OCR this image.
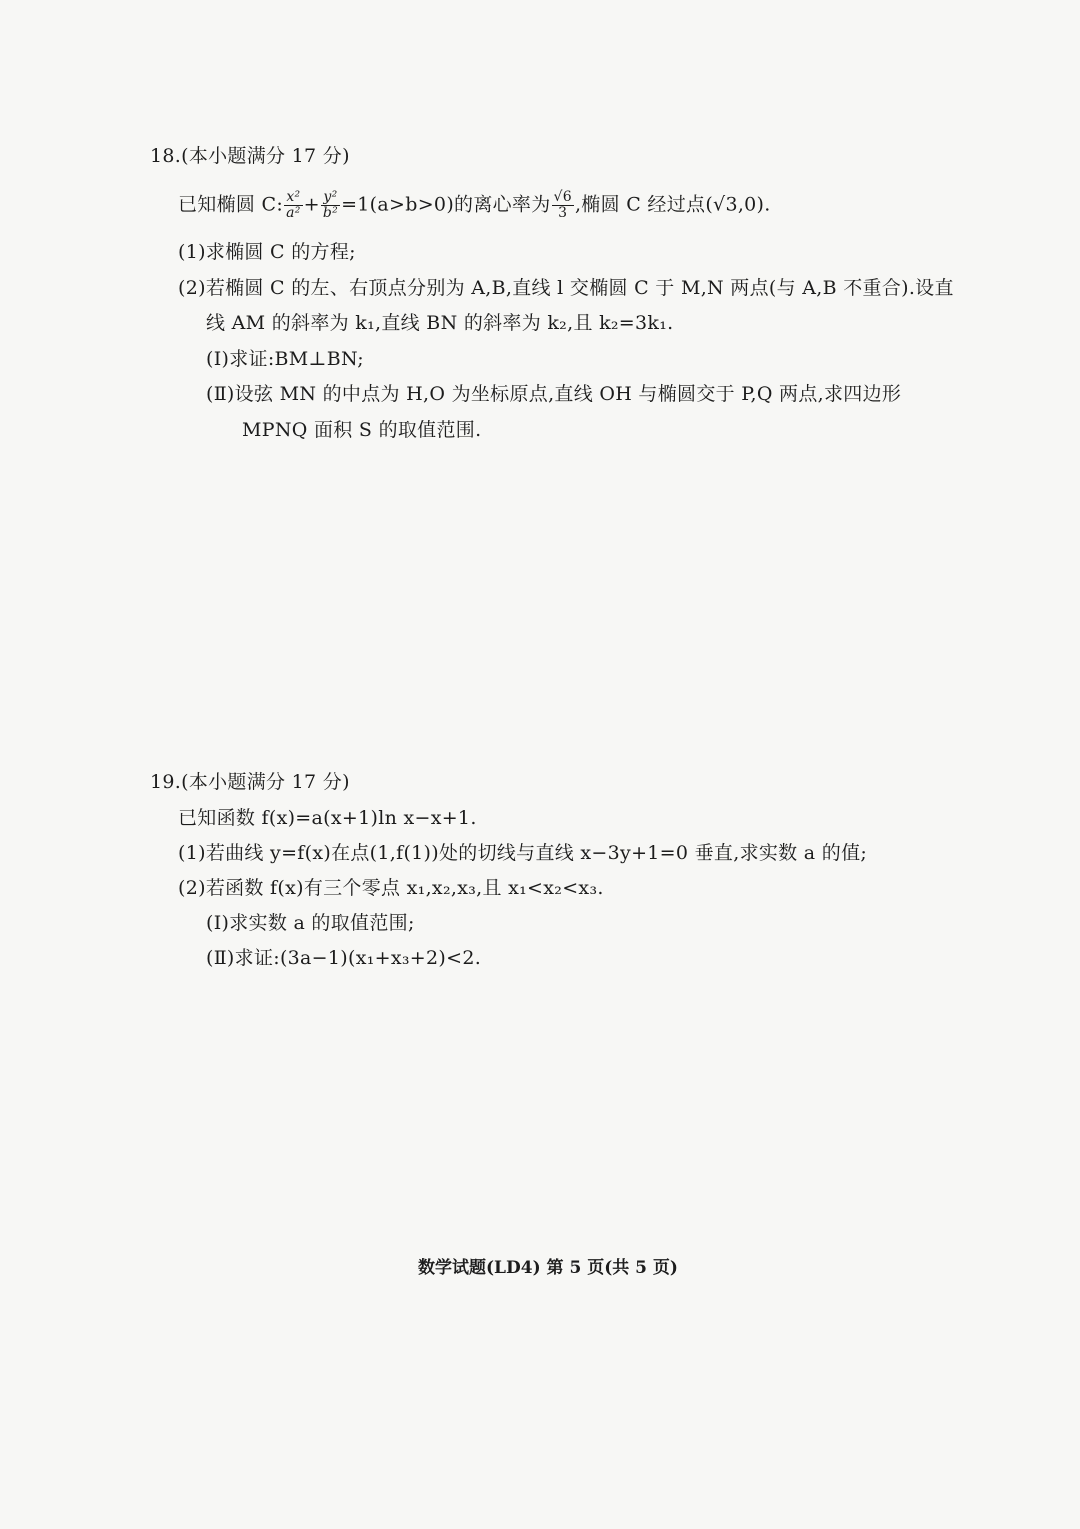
18.(本小题满分 17 分)
已知椭圆 C: $\frac{\text{x²}}{\text{a²}} + \frac{\text{y²}}{\text{b²}} =1(a>b>0)$的离心率为 $\frac{√6}{3}$ ,椭圆 C 经过点(√3,0).
(1)求椭圆 C 的方程;
(2)若椭圆 C 的左、右顶点分别为 A,B,直线 l 交椭圆 C 于 M,N 两点(与 A,B 不重合).设直
线 AM 的斜率为 k₁,直线 BN 的斜率为 k₂,且 k₂=3k₁.
(Ⅰ)求证:BM⊥BN;
(Ⅱ)设弦 MN 的中点为 H,O 为坐标原点,直线 OH 与椭圆交于 P,Q 两点,求四边形
MPNQ 面积 S 的取值范围.
19.(本小题满分 17 分)
已知函数 f(x)=a(x+1)ln x−x+1.
(1)若曲线 y=f(x)在点(1,f(1))处的切线与直线 x−3y+1=0 垂直,求实数 a 的值;
(2)若函数 f(x)有三个零点 x₁,x₂,x₃,且 x₁<x₂<x₃.
(Ⅰ)求实数 a 的取值范围;
(Ⅱ)求证:(3a−1)(x₁+x₃+2)<2.
数学试题(LD4) 第 5 页(共 5 页)
